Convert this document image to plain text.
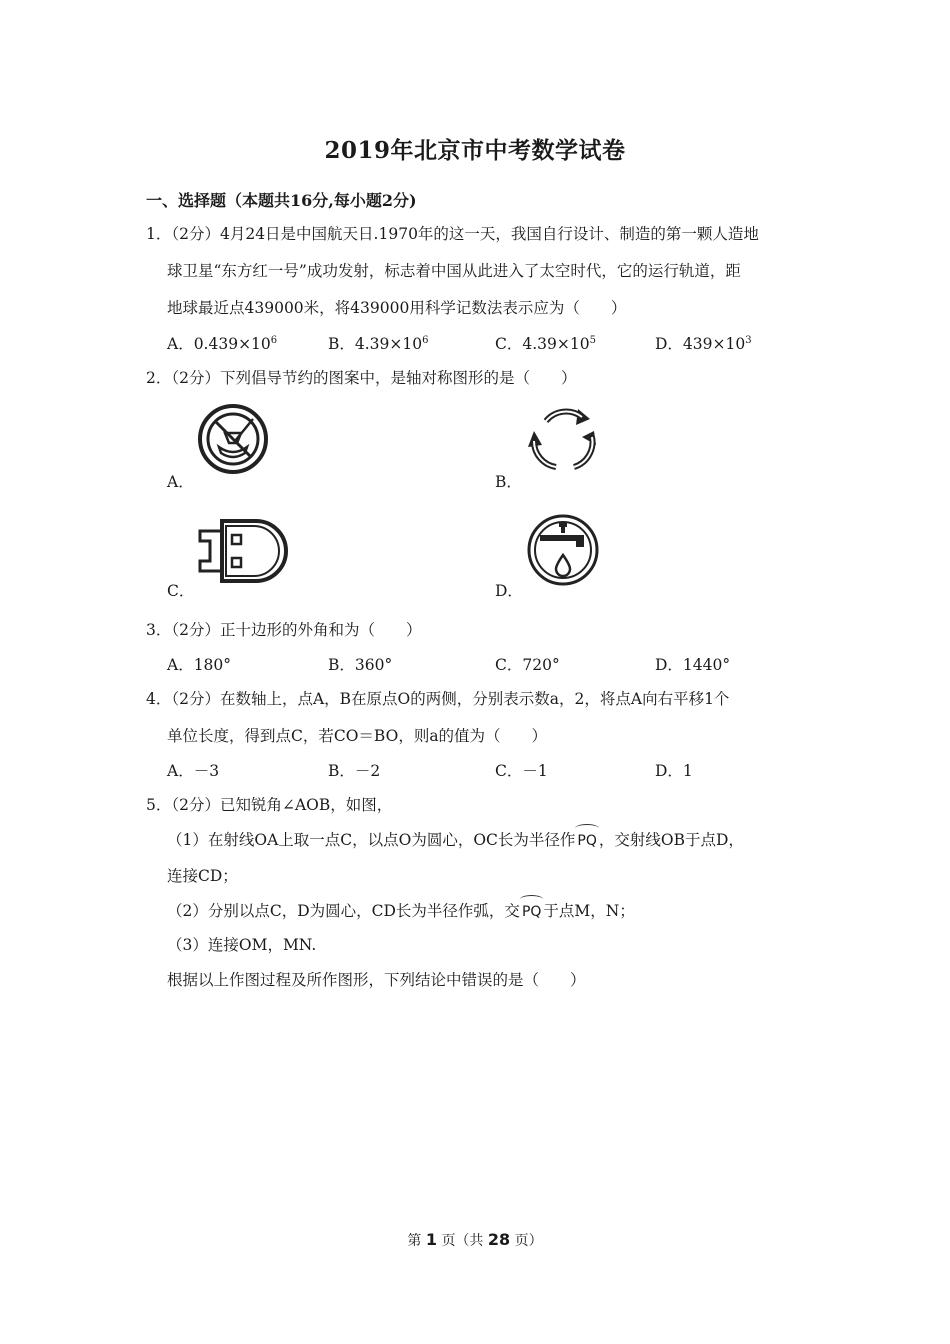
2019年北京市中考数学试卷
一、选择题（本题共16分,每小题2分)
1．（2分）4月24日是中国航天日.1970年的这一天，我国自行设计、制造的第一颗人造地
球卫星“东方红一号”成功发射，标志着中国从此进入了太空时代，它的运行轨道，距
地球最近点439000米，将439000用科学记数法表示应为（　　）
A．$0.439\times 10^6$	B．$4.39\times 10^6$	C．$4.39\times 10^5$	D．$439\times 10^3$
2．（2分）下列倡导节约的图案中，是轴对称图形的是（　　）
A．	B．
C．	D．
3．（2分）正十边形的外角和为（　　）
A．180°	B．360°	C．720°	D．1440°
4．（2分）在数轴上，点A，B在原点O的两侧，分别表示数a，2，将点A向右平移1个
单位长度，得到点C，若CO＝BO，则a的值为（　　）
A．－3	B．－2	C．－1	D．1
5．（2分）已知锐角∠AOB，如图，
（1）在射线OA上取一点C，以点O为圆心，OC长为半径作 PQ ，交射线OB于点D，
连接CD；
（2）分别以点C，D为圆心，CD长为半径作弧，交 PQ 于点M，N；
（3）连接OM，MN.
根据以上作图过程及所作图形，下列结论中错误的是（　　）
第 1 页（共 28 页）
